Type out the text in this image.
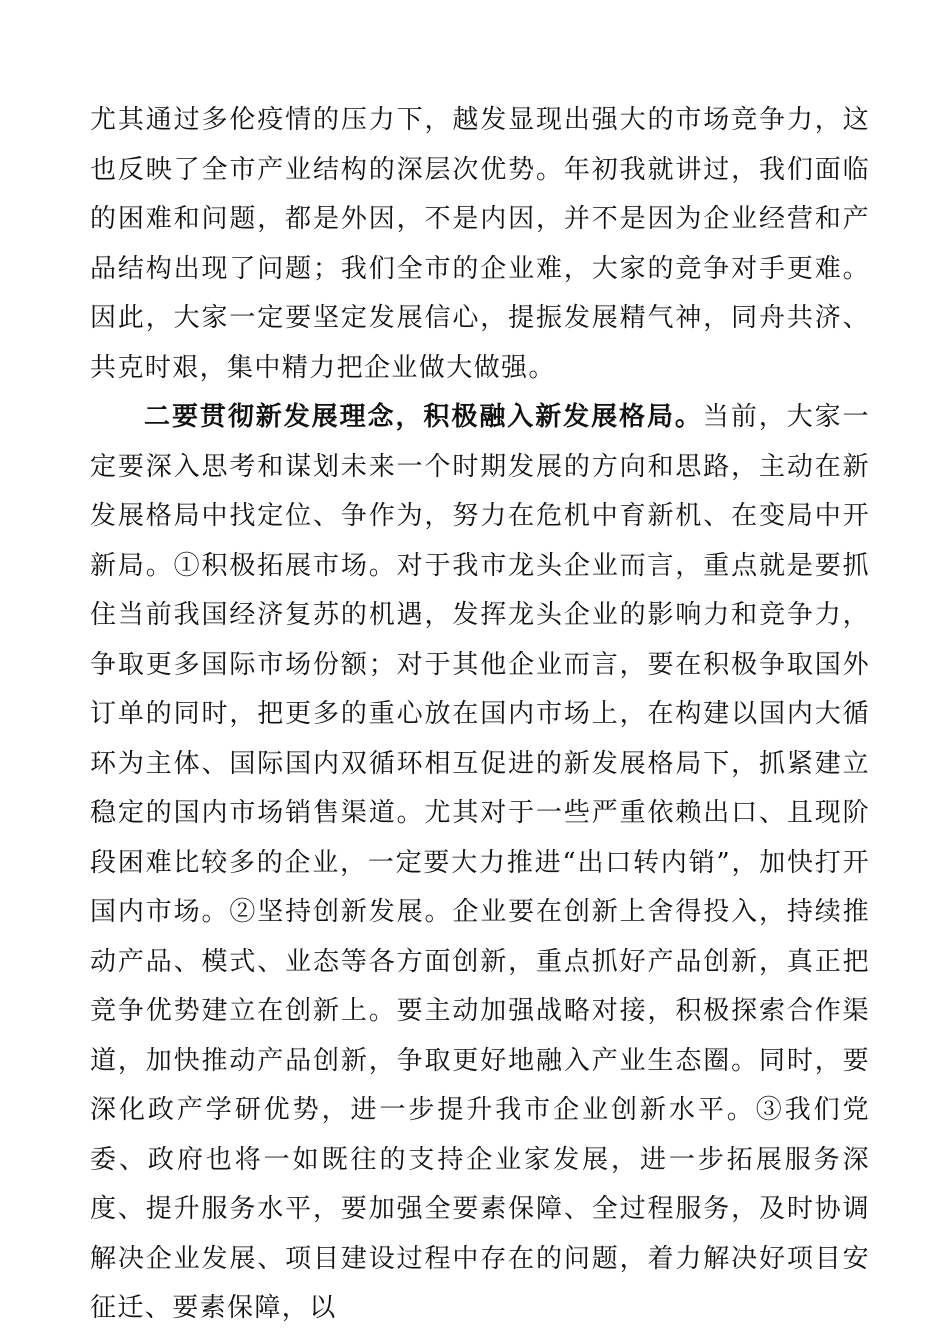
尤其通过多伦疫情的压力下，越发显现出强大的市场竞争力，这也反映了全市产业结构的深层次优势。年初我就讲过，我们面临的困难和问题，都是外因，不是内因，并不是因为企业经营和产品结构出现了问题；我们全市的企业难，大家的竞争对手更难。因此，大家一定要坚定发展信心，提振发展精气神，同舟共济、共克时艰，集中精力把企业做大做强。

二要贯彻新发展理念，积极融入新发展格局。当前，大家一定要深入思考和谋划未来一个时期发展的方向和思路，主动在新发展格局中找定位、争作为，努力在危机中育新机、在变局中开新局。①积极拓展市场。对于我市龙头企业而言，重点就是要抓住当前我国经济复苏的机遇，发挥龙头企业的影响力和竞争力，争取更多国际市场份额；对于其他企业而言，要在积极争取国外订单的同时，把更多的重心放在国内市场上，在构建以国内大循环为主体、国际国内双循环相互促进的新发展格局下，抓紧建立稳定的国内市场销售渠道。尤其对于一些严重依赖出口、且现阶段困难比较多的企业，一定要大力推进“出口转内销”，加快打开国内市场。②坚持创新发展。企业要在创新上舍得投入，持续推动产品、模式、业态等各方面创新，重点抓好产品创新，真正把竞争优势建立在创新上。要主动加强战略对接，积极探索合作渠道，加快推动产品创新，争取更好地融入产业生态圈。同时，要深化政产学研优势，进一步提升我市企业创新水平。③我们党委、政府也将一如既往的支持企业家发展，进一步拓展服务深度、提升服务水平，要加强全要素保障、全过程服务，及时协调解决企业发展、项目建设过程中存在的问题，着力解决好项目安征迁、要素保障，以
